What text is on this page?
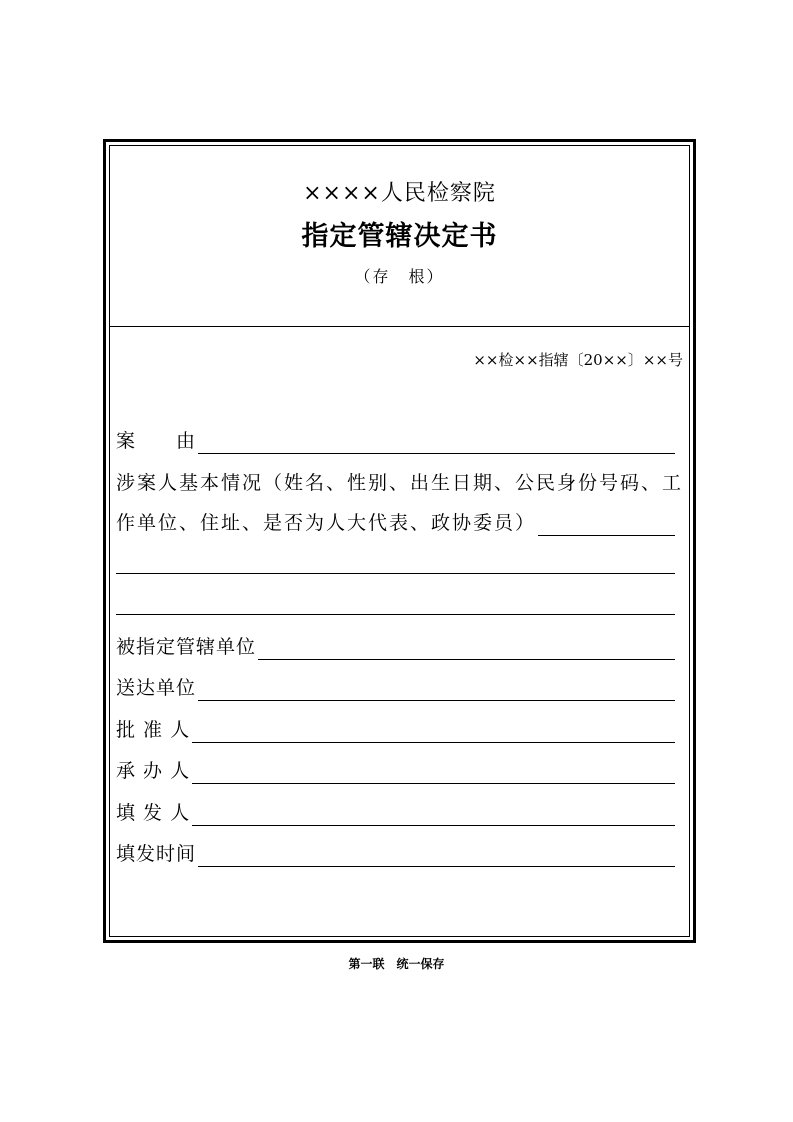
××××人民检察院
指定管辖决定书
（存　根）
××检××指辖〔20××〕××号
案　　由
涉案人基本情况（姓名、性别、出生日期、公民身份号码、工
作单位、住址、是否为人大代表、政协委员）
被指定管辖单位
送达单位
批 准 人
承 办 人
填 发 人
填发时间
第一联　统一保存
